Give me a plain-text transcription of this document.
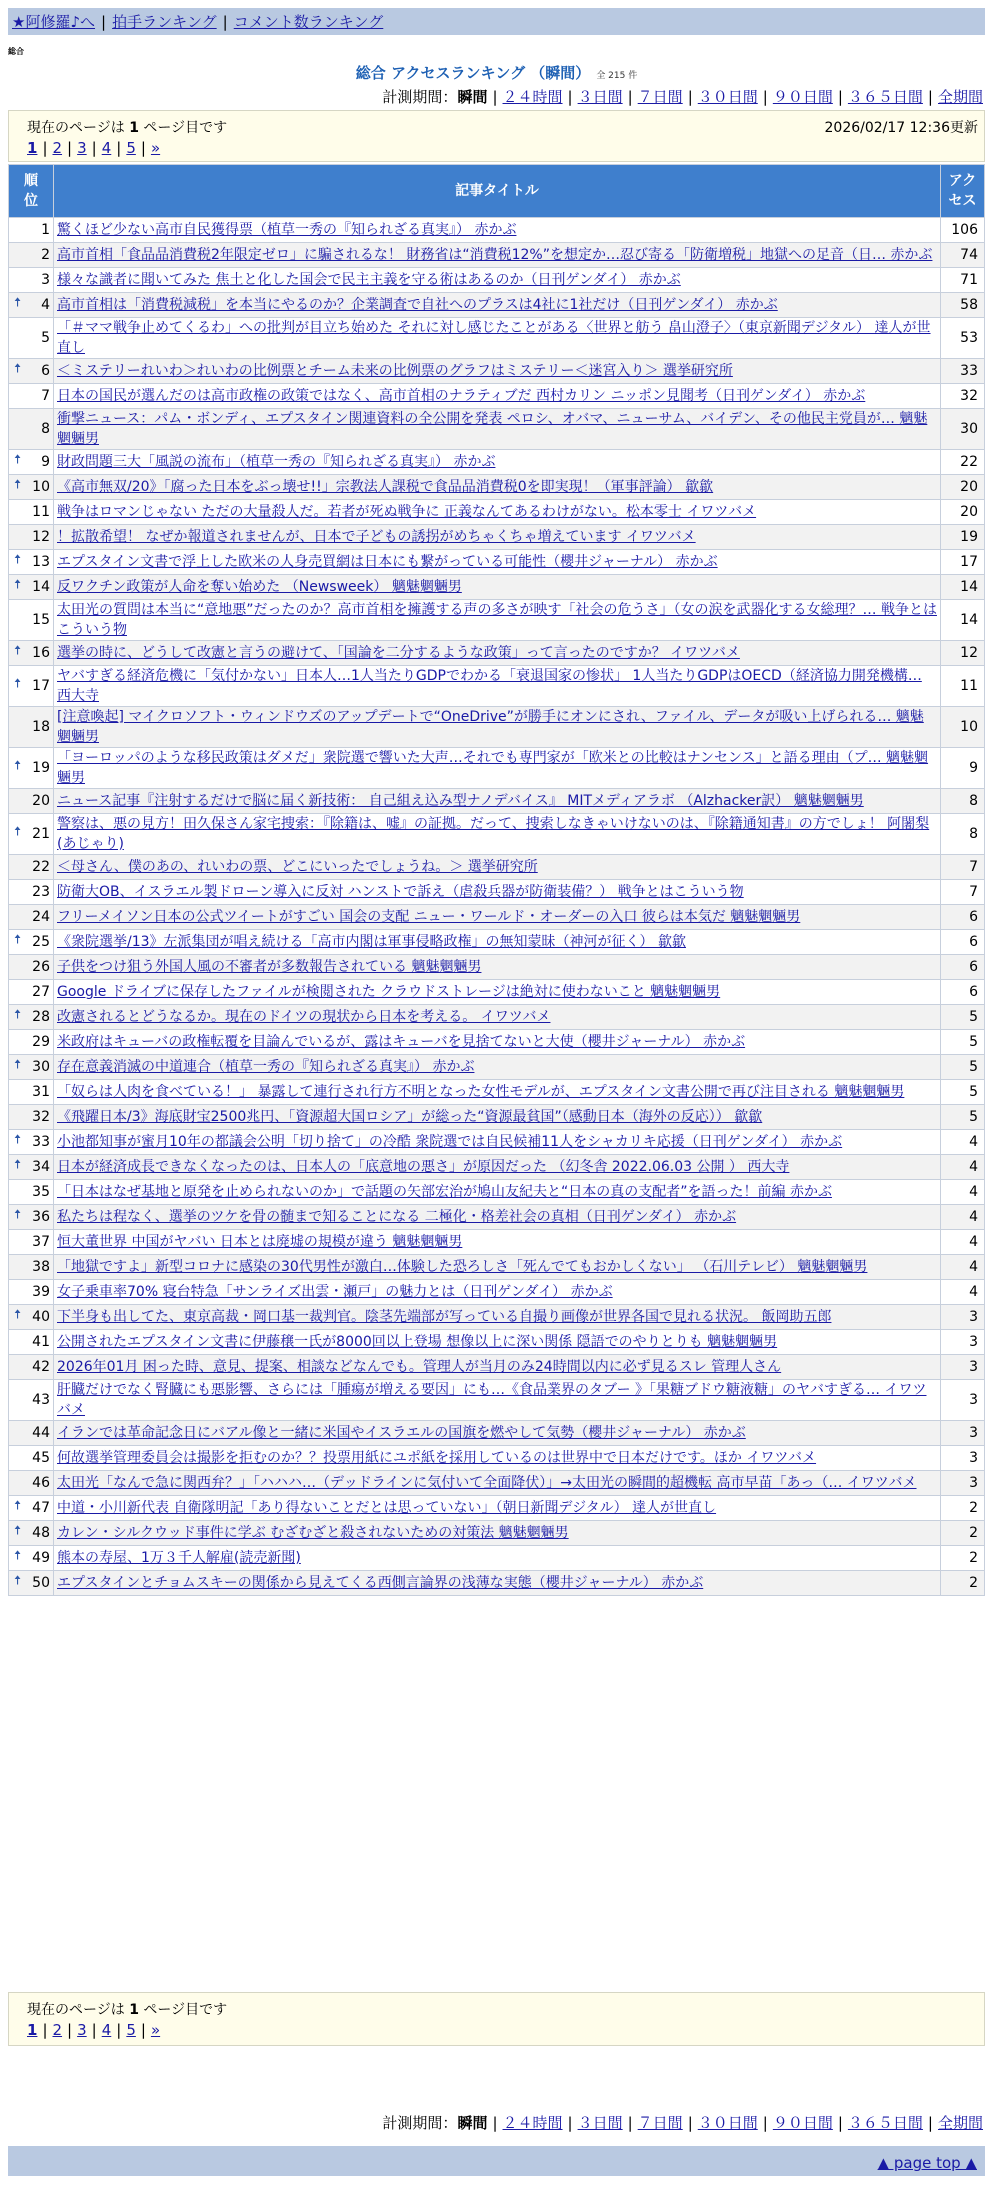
★阿修羅♪へ | 拍手ランキング | コメント数ランキング
総合
総合 アクセスランキング （瞬間） 全 215 件
計測期間：瞬間 | ２４時間 | ３日間 | ７日間 | ３０日間 | ９０日間 | ３６５日間 | 全期間
現在のページは 1 ページ目です	2026/02/17 12:36更新
1 | 2 | 3 | 4 | 5 | »
順位	記事タイトル	アクセス

1	驚くほど少ない高市自民獲得票（植草一秀の『知られざる真実』） 赤かぶ	106
2	高市首相「食品品消費税2年限定ゼロ」に騙されるな！ 財務省は“消費税12%”を想定か…忍び寄る「防衛増税」地獄への足音（日… 赤かぶ	74
3	様々な識者に聞いてみた 焦土と化した国会で民主主義を守る術はあるのか（日刊ゲンダイ） 赤かぶ	71

🠅 4	高市首相は「消費税減税」を本当にやるのか？企業調査で自社へのプラスは4社に1社だけ（日刊ゲンダイ） 赤かぶ	58
5	「＃ママ戦争止めてくるわ」への批判が目立ち始めた それに対し感じたことがある〈世界と舫う 畠山澄子〉（東京新聞デジタル） 達人が世直し	53

🠅 6	＜ミステリーれいわ＞れいわの比例票とチーム未来の比例票のグラフはミステリー＜迷宮入り＞ 選挙研究所	33
7	日本の国民が選んだのは高市政権の政策ではなく、高市首相のナラティブだ 西村カリン ニッポン見聞考（日刊ゲンダイ） 赤かぶ	32
8	衝撃ニュース：パム・ボンディ、エプスタイン関連資料の全公開を発表 ペロシ、オバマ、ニューサム、バイデン、その他民主党員が… 魑魅魍魎男	30

🠅 9	財政問題三大「風説の流布」（植草一秀の『知られざる真実』） 赤かぶ	22

🠅 10	《高市無双/20》「腐った日本をぶっ壊せ!!」宗教法人課税で食品品消費税0を即実現！（軍事評論） 歙歙	20
11	戦争はロマンじゃない ただの大量殺人だ。若者が死ぬ戦争に 正義なんてあるわけがない。松本零士 イワツバメ	20
12	！拡散希望！ なぜか報道されませんが、日本で子どもの誘拐がめちゃくちゃ増えています イワツバメ	19

🠅 13	エプスタイン文書で浮上した欧米の人身売買網は日本にも繋がっている可能性（櫻井ジャーナル） 赤かぶ	17

🠅 14	反ワクチン政策が人命を奪い始めた （Newsweek） 魑魅魍魎男	14
15	太田光の質問は本当に“意地悪”だったのか？高市首相を擁護する声の多さが映す「社会の危うさ」（女の涙を武器化する女総理？… 戦争とはこういう物	14

🠅 16	選挙の時に、どうして改憲と言うの避けて、「国論を二分するような政策」って言ったのですか？ イワツバメ	12

🠅 17	ヤバすぎる経済危機に「気付かない」日本人…1人当たりGDPでわかる「衰退国家の惨状」 1人当たりGDPはOECD（経済協力開発機構… 西大寺	11
18	[注意喚起] マイクロソフト・ウィンドウズのアップデートで“OneDrive”が勝手にオンにされ、ファイル、データが吸い上げられる… 魑魅魍魎男	10

🠅 19	「ヨーロッパのような移民政策はダメだ」衆院選で響いた大声…それでも専門家が「欧米との比較はナンセンス」と語る理由（プ… 魑魅魍魎男	9
20	ニュース記事『注射するだけで脳に届く新技術： 自己組え込み型ナノデバイス』 MITメディアラボ （Alzhacker訳） 魑魅魍魎男	8

🠅 21	警察は、悪の見方！田久保さん家宅捜索：『除籍は、嘘』の証拠。だって、捜索しなきゃいけないのは、『除籍通知書』の方でしょ！ 阿闍梨(あじゃり)	8
22	＜母さん、僕のあの、れいわの票、どこにいったでしょうね。＞ 選挙研究所	7
23	防衛大OB、イスラエル製ドローン導入に反対 ハンストで訴え（虐殺兵器が防衛装備？） 戦争とはこういう物	7
24	フリーメイソン日本の公式ツイートがすごい 国会の支配 ニュー・ワールド・オーダーの入口 彼らは本気だ 魑魅魍魎男	6

🠅 25	《衆院選挙/13》左派集団が唱え続ける「高市内閣は軍事侵略政権」の無知蒙昧（神河が征く） 歙歙	6
26	子供をつけ狙う外国人風の不審者が多数報告されている 魑魅魍魎男	6
27	Google ドライブに保存したファイルが検閲された クラウドストレージは絶対に使わないこと 魑魅魍魎男	6

🠅 28	改憲されるとどうなるか。現在のドイツの現状から日本を考える。 イワツバメ	5
29	米政府はキューバの政権転覆を目論んでいるが、露はキューバを見捨てないと大使（櫻井ジャーナル） 赤かぶ	5

🠅 30	存在意義消滅の中道連合（植草一秀の『知られざる真実』） 赤かぶ	5
31	「奴らは人肉を食べている！」 暴露して連行され行方不明となった女性モデルが、エプスタイン文書公開で再び注目される 魑魅魍魎男	5
32	《飛躍日本/3》海底財宝2500兆円、「資源超大国ロシア」が総った“資源最貧国”（感動日本（海外の反応）） 歙歙	5

🠅 33	小池都知事が蜜月10年の都議会公明「切り捨て」の冷酷 衆院選では自民候補11人をシャカリキ応援（日刊ゲンダイ） 赤かぶ	4

🠅 34	日本が経済成長できなくなったのは、日本人の「底意地の悪さ」が原因だった （幻冬舎 2022.06.03 公開 ） 西大寺	4
35	「日本はなぜ基地と原発を止められないのか」で話題の矢部宏治が鳩山友紀夫と“日本の真の支配者”を語った！前編 赤かぶ	4

🠅 36	私たちは程なく、選挙のツケを骨の髄まで知ることになる 二極化・格差社会の真相（日刊ゲンダイ） 赤かぶ	4
37	恒大董世界 中国がヤバい 日本とは廃墟の規模が違う 魑魅魍魎男	4
38	「地獄ですよ」新型コロナに感染の30代男性が激白…体験した恐ろしさ「死んでてもおかしくない」 （石川テレビ） 魑魅魍魎男	4
39	女子乗車率70% 寝台特急「サンライズ出雲・瀬戸」の魅力とは（日刊ゲンダイ） 赤かぶ	4

🠅 40	下半身も出してた、東京高裁・岡口基一裁判官。陰茎先端部が写っている自撮り画像が世界各国で見れる状況。 飯岡助五郎	3
41	公開されたエプスタイン文書に伊藤穣一氏が8000回以上登場 想像以上に深い関係 隠語でのやりとりも 魑魅魍魎男	3
42	2026年01月 困った時、意見、提案、相談などなんでも。管理人が当月のみ24時間以内に必ず見るスレ 管理人さん	3
43	肝臓だけでなく腎臓にも悪影響、さらには「腫瘍が増える要因」にも…《食品業界のタブー 》「果糖ブドウ糖液糖」のヤバすぎる… イワツバメ	3
44	イランでは革命記念日にバアル像と一緒に米国やイスラエルの国旗を燃やして気勢（櫻井ジャーナル） 赤かぶ	3
45	何故選挙管理委員会は撮影を拒むのか？？投票用紙にユポ紙を採用しているのは世界中で日本だけです。ほか イワツバメ	3
46	太田光「なんで急に関西弁？」「ハハハ…（デッドラインに気付いて全面降伏）」→太田光の瞬間的超機転 高市早苗「あっ（… イワツバメ	3

🠅 47	中道・小川新代表 自衛隊明記「あり得ないことだとは思っていない」（朝日新聞デジタル） 達人が世直し	2

🠅 48	カレン・シルクウッド事件に学ぶ むざむざと殺されないための対策法 魑魅魍魎男	2

🠅 49	熊本の寿屋、1万３千人解雇(読売新聞)	2

🠅 50	エプスタインとチョムスキーの関係から見えてくる西側言論界の浅薄な実態（櫻井ジャーナル） 赤かぶ	2
現在のページは 1 ページ目です
1 | 2 | 3 | 4 | 5 | »
計測期間：瞬間 | ２４時間 | ３日間 | ７日間 | ３０日間 | ９０日間 | ３６５日間 | 全期間
▲ page top ▲
